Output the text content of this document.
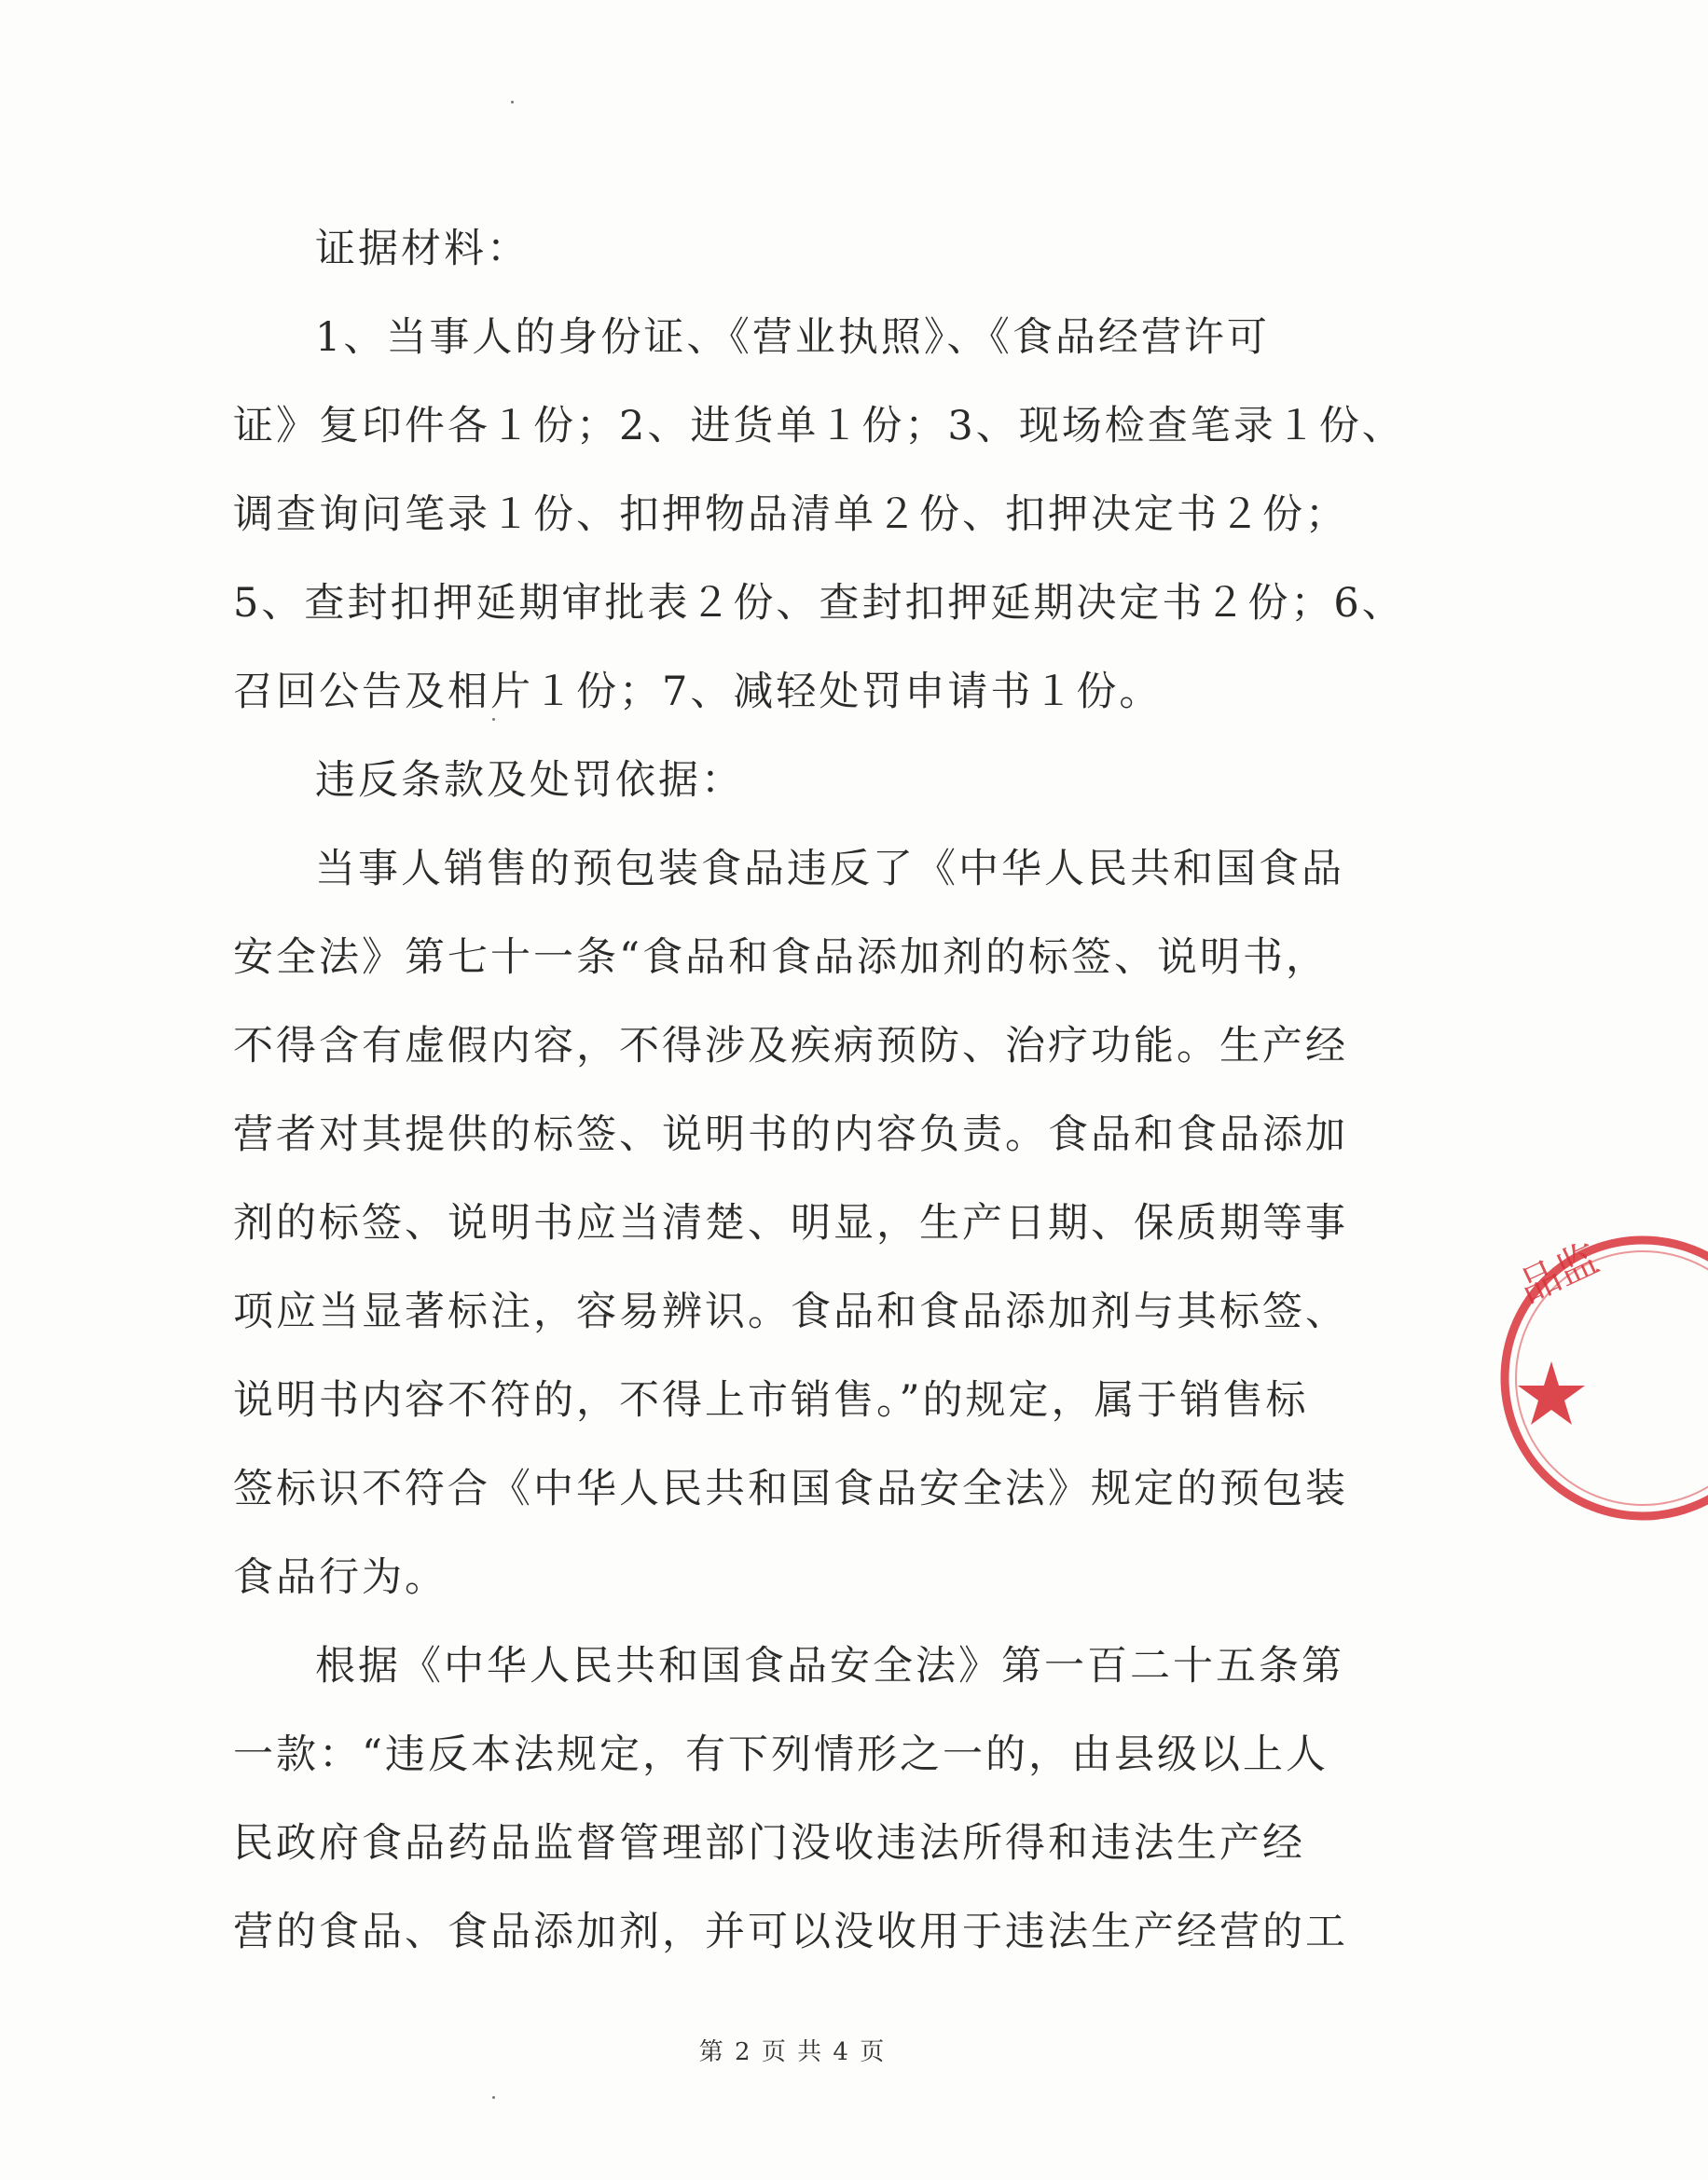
证据材料：
1、当事人的身份证、《营业执照》、《食品经营许可
证》复印件各１份；2、进货单１份；3、现场检查笔录１份、
调查询问笔录１份、扣押物品清单２份、扣押决定书２份；
5、查封扣押延期审批表２份、查封扣押延期决定书２份；6、
召回公告及相片１份；7、减轻处罚申请书１份。
违反条款及处罚依据：
当事人销售的预包装食品违反了《中华人民共和国食品
安全法》第七十一条“食品和食品添加剂的标签、说明书，
不得含有虚假内容，不得涉及疾病预防、治疗功能。生产经
营者对其提供的标签、说明书的内容负责。食品和食品添加
剂的标签、说明书应当清楚、明显，生产日期、保质期等事
项应当显著标注，容易辨识。食品和食品添加剂与其标签、
说明书内容不符的，不得上市销售。”的规定，属于销售标
签标识不符合《中华人民共和国食品安全法》规定的预包装
食品行为。
根据《中华人民共和国食品安全法》第一百二十五条第
一款：“违反本法规定，有下列情形之一的，由县级以上人
民政府食品药品监督管理部门没收违法所得和违法生产经
营的食品、食品添加剂，并可以没收用于违法生产经营的工
品监
第 2 页 共 4 页
